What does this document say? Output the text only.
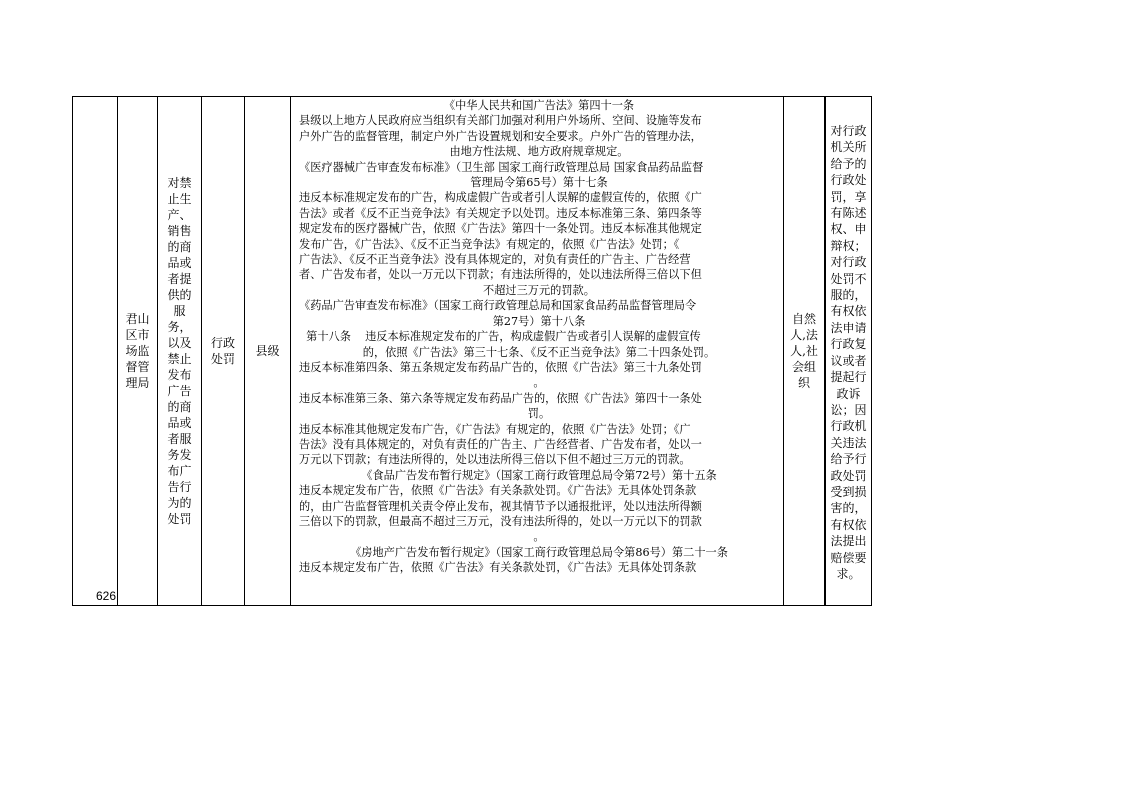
626

君山区市场监督管理局

对禁止生产、销售的商品或者提供的服务，以及禁止发布广告的商品或者服务发布广告行为的处罚

行政处罚

县级

《中华人民共和国广告法》第四十一条
县级以上地方人民政府应当组织有关部门加强对利用户外场所、空间、设施等发布
户外广告的监督管理，制定户外广告设置规划和安全要求。户外广告的管理办法，
由地方性法规、地方政府规章规定。
《医疗器械广告审查发布标准》（卫生部 国家工商行政管理总局 国家食品药品监督
管理局令第65号）第十七条
违反本标准规定发布的广告，构成虚假广告或者引人误解的虚假宣传的，依照《广
告法》或者《反不正当竞争法》有关规定予以处罚。违反本标准第三条、第四条等
规定发布的医疗器械广告，依照《广告法》第四十一条处罚。违反本标准其他规定
发布广告，《广告法》、《反不正当竞争法》有规定的，依照《广告法》处罚；《
广告法》、《反不正当竞争法》没有具体规定的，对负有责任的广告主、广告经营
者、广告发布者，处以一万元以下罚款；有违法所得的，处以违法所得三倍以下但
不超过三万元的罚款。
《药品广告审查发布标准》（国家工商行政管理总局和国家食品药品监督管理局令
第27号）第十八条
第十八条    违反本标准规定发布的广告，构成虚假广告或者引人误解的虚假宣传
的，依照《广告法》第三十七条、《反不正当竞争法》第二十四条处罚。
违反本标准第四条、第五条规定发布药品广告的，依照《广告法》第三十九条处罚
。
违反本标准第三条、第六条等规定发布药品广告的，依照《广告法》第四十一条处
罚。
违反本标准其他规定发布广告，《广告法》有规定的，依照《广告法》处罚；《广
告法》没有具体规定的，对负有责任的广告主、广告经营者、广告发布者，处以一
万元以下罚款；有违法所得的，处以违法所得三倍以下但不超过三万元的罚款。
《食品广告发布暂行规定》（国家工商行政管理总局令第72号）第十五条
违反本规定发布广告，依照《广告法》有关条款处罚。《广告法》无具体处罚条款
的，由广告监督管理机关责令停止发布，视其情节予以通报批评，处以违法所得额
三倍以下的罚款，但最高不超过三万元，没有违法所得的，处以一万元以下的罚款
。
《房地产广告发布暂行规定》（国家工商行政管理总局令第86号）第二十一条
违反本规定发布广告，依照《广告法》有关条款处罚，《广告法》无具体处罚条款

自然人,法人,社会组织

对行政机关所给予的行政处罚，享有陈述权、申辩权；对行政处罚不服的，有权依法申请行政复议或者提起行政诉讼；因行政机关违法给予行政处罚受到损害的，有权依法提出赔偿要求。
